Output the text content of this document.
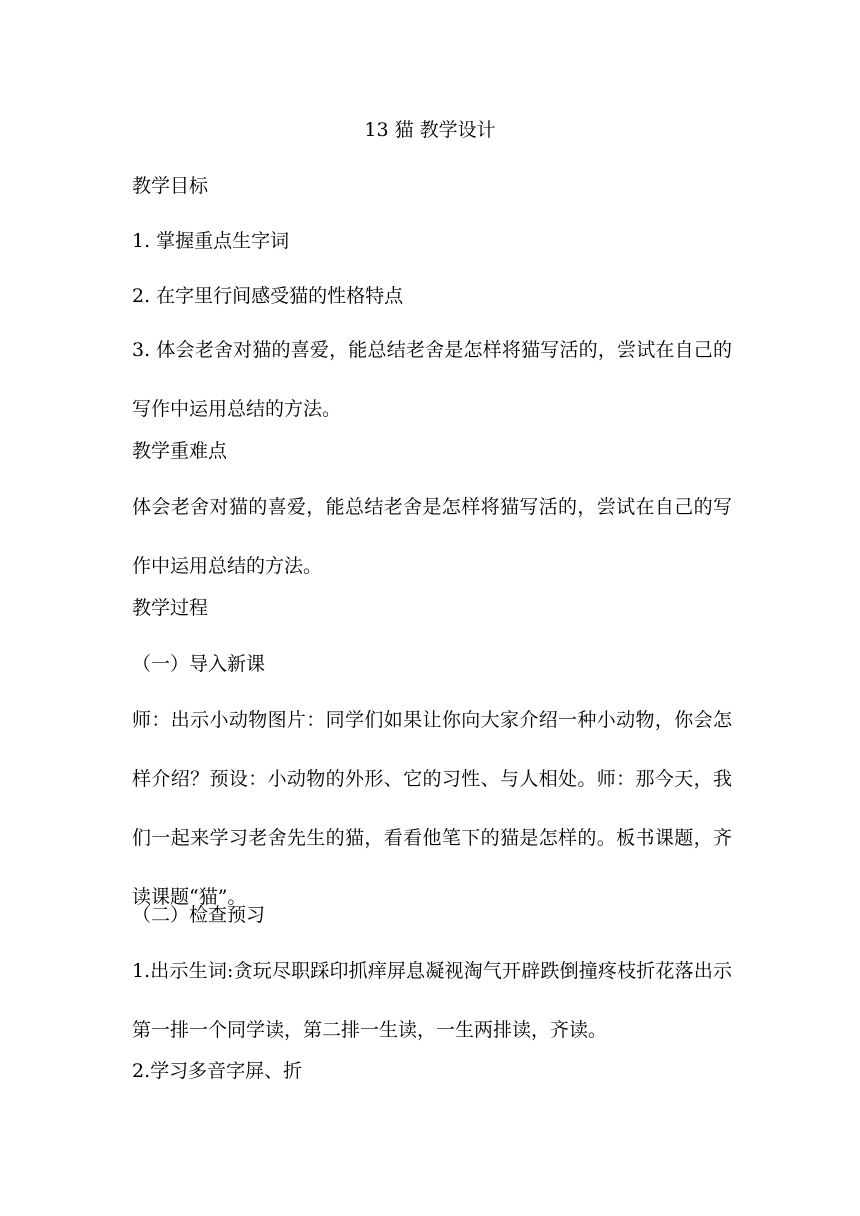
13 猫 教学设计
教学目标
1. 掌握重点生字词
2. 在字里行间感受猫的性格特点
3. 体会老舍对猫的喜爱，能总结老舍是怎样将猫写活的，尝试在自己的写作中运用总结的方法。
教学重难点
体会老舍对猫的喜爱，能总结老舍是怎样将猫写活的，尝试在自己的写作中运用总结的方法。
教学过程
（一）导入新课
师：出示小动物图片：同学们如果让你向大家介绍一种小动物，你会怎样介绍？预设：小动物的外形、它的习性、与人相处。师：那今天，我们一起来学习老舍先生的猫，看看他笔下的猫是怎样的。板书课题，齐读课题“猫”。
（二）检查预习
1.出示生词:贪玩尽职踩印抓痒屏息凝视淘气开辟跌倒撞疼枝折花落出示第一排一个同学读，第二排一生读，一生两排读，齐读。
2.学习多音字屏、折
